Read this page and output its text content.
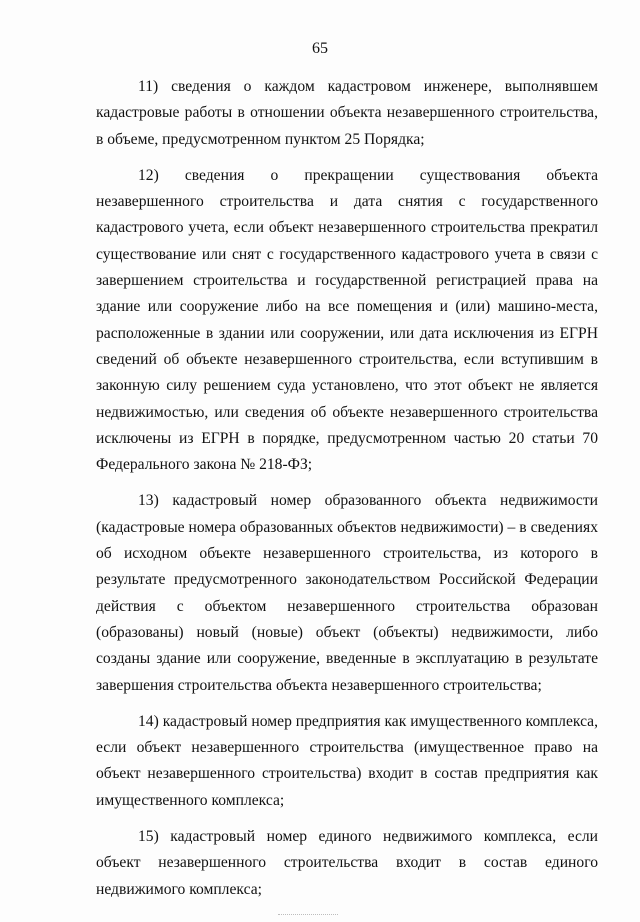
65

11) сведения о каждом кадастровом инженере, выполнявшем кадастровые работы в отношении объекта незавершенного строительства, в объеме, предусмотренном пунктом 25 Порядка;

12) сведения о прекращении существования объекта незавершенного строительства и дата снятия с государственного кадастрового учета, если объект незавершенного строительства прекратил существование или снят с государственного кадастрового учета в связи с завершением строительства и государственной регистрацией права на здание или сооружение либо на все помещения и (или) машино-места, расположенные в здании или сооружении, или дата исключения из ЕГРН сведений об объекте незавершенного строительства, если вступившим в законную силу решением суда установлено, что этот объект не является недвижимостью, или сведения об объекте незавершенного строительства исключены из ЕГРН в порядке, предусмотренном частью 20 статьи 70 Федерального закона № 218-ФЗ;

13) кадастровый номер образованного объекта недвижимости (кадастровые номера образованных объектов недвижимости) – в сведениях об исходном объекте незавершенного строительства, из которого в результате предусмотренного законодательством Российской Федерации действия с объектом незавершенного строительства образован (образованы) новый (новые) объект (объекты) недвижимости, либо созданы здание или сооружение, введенные в эксплуатацию в результате завершения строительства объекта незавершенного строительства;

14) кадастровый номер предприятия как имущественного комплекса, если объект незавершенного строительства (имущественное право на объект незавершенного строительства) входит в состав предприятия как имущественного комплекса;

15) кадастровый номер единого недвижимого комплекса, если объект незавершенного строительства входит в состав единого недвижимого комплекса;
